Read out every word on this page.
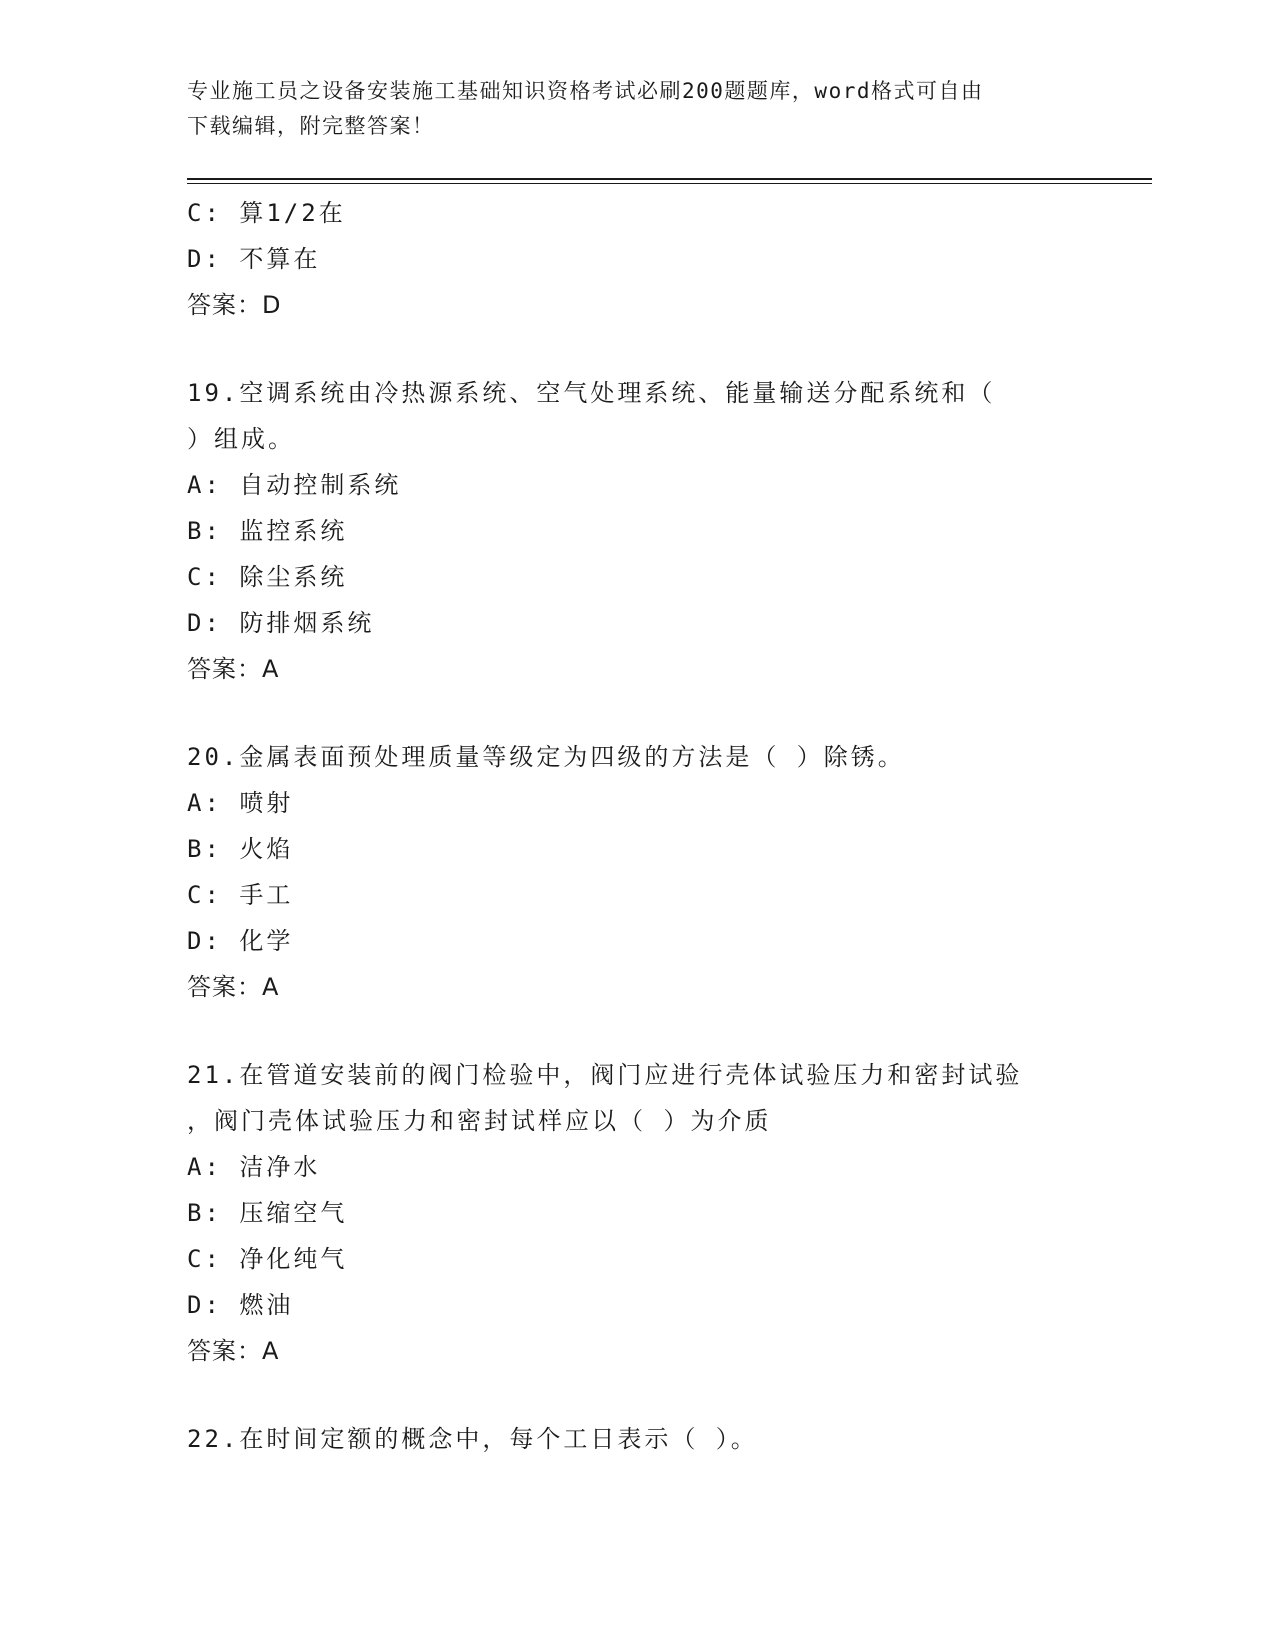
专业施工员之设备安装施工基础知识资格考试必刷200题题库，word格式可自由
下载编辑，附完整答案！
C: 算1/2在
D: 不算在
答案：D
19.空调系统由冷热源系统、空气处理系统、能量输送分配系统和（
）组成。
A: 自动控制系统
B: 监控系统
C: 除尘系统
D: 防排烟系统
答案：A
20.金属表面预处理质量等级定为四级的方法是（ ）除锈。
A: 喷射
B: 火焰
C: 手工
D: 化学
答案：A
21.在管道安装前的阀门检验中，阀门应进行壳体试验压力和密封试验
，阀门壳体试验压力和密封试样应以（ ）为介质
A: 洁净水
B: 压缩空气
C: 净化纯气
D: 燃油
答案：A
22.在时间定额的概念中，每个工日表示（ ）。
